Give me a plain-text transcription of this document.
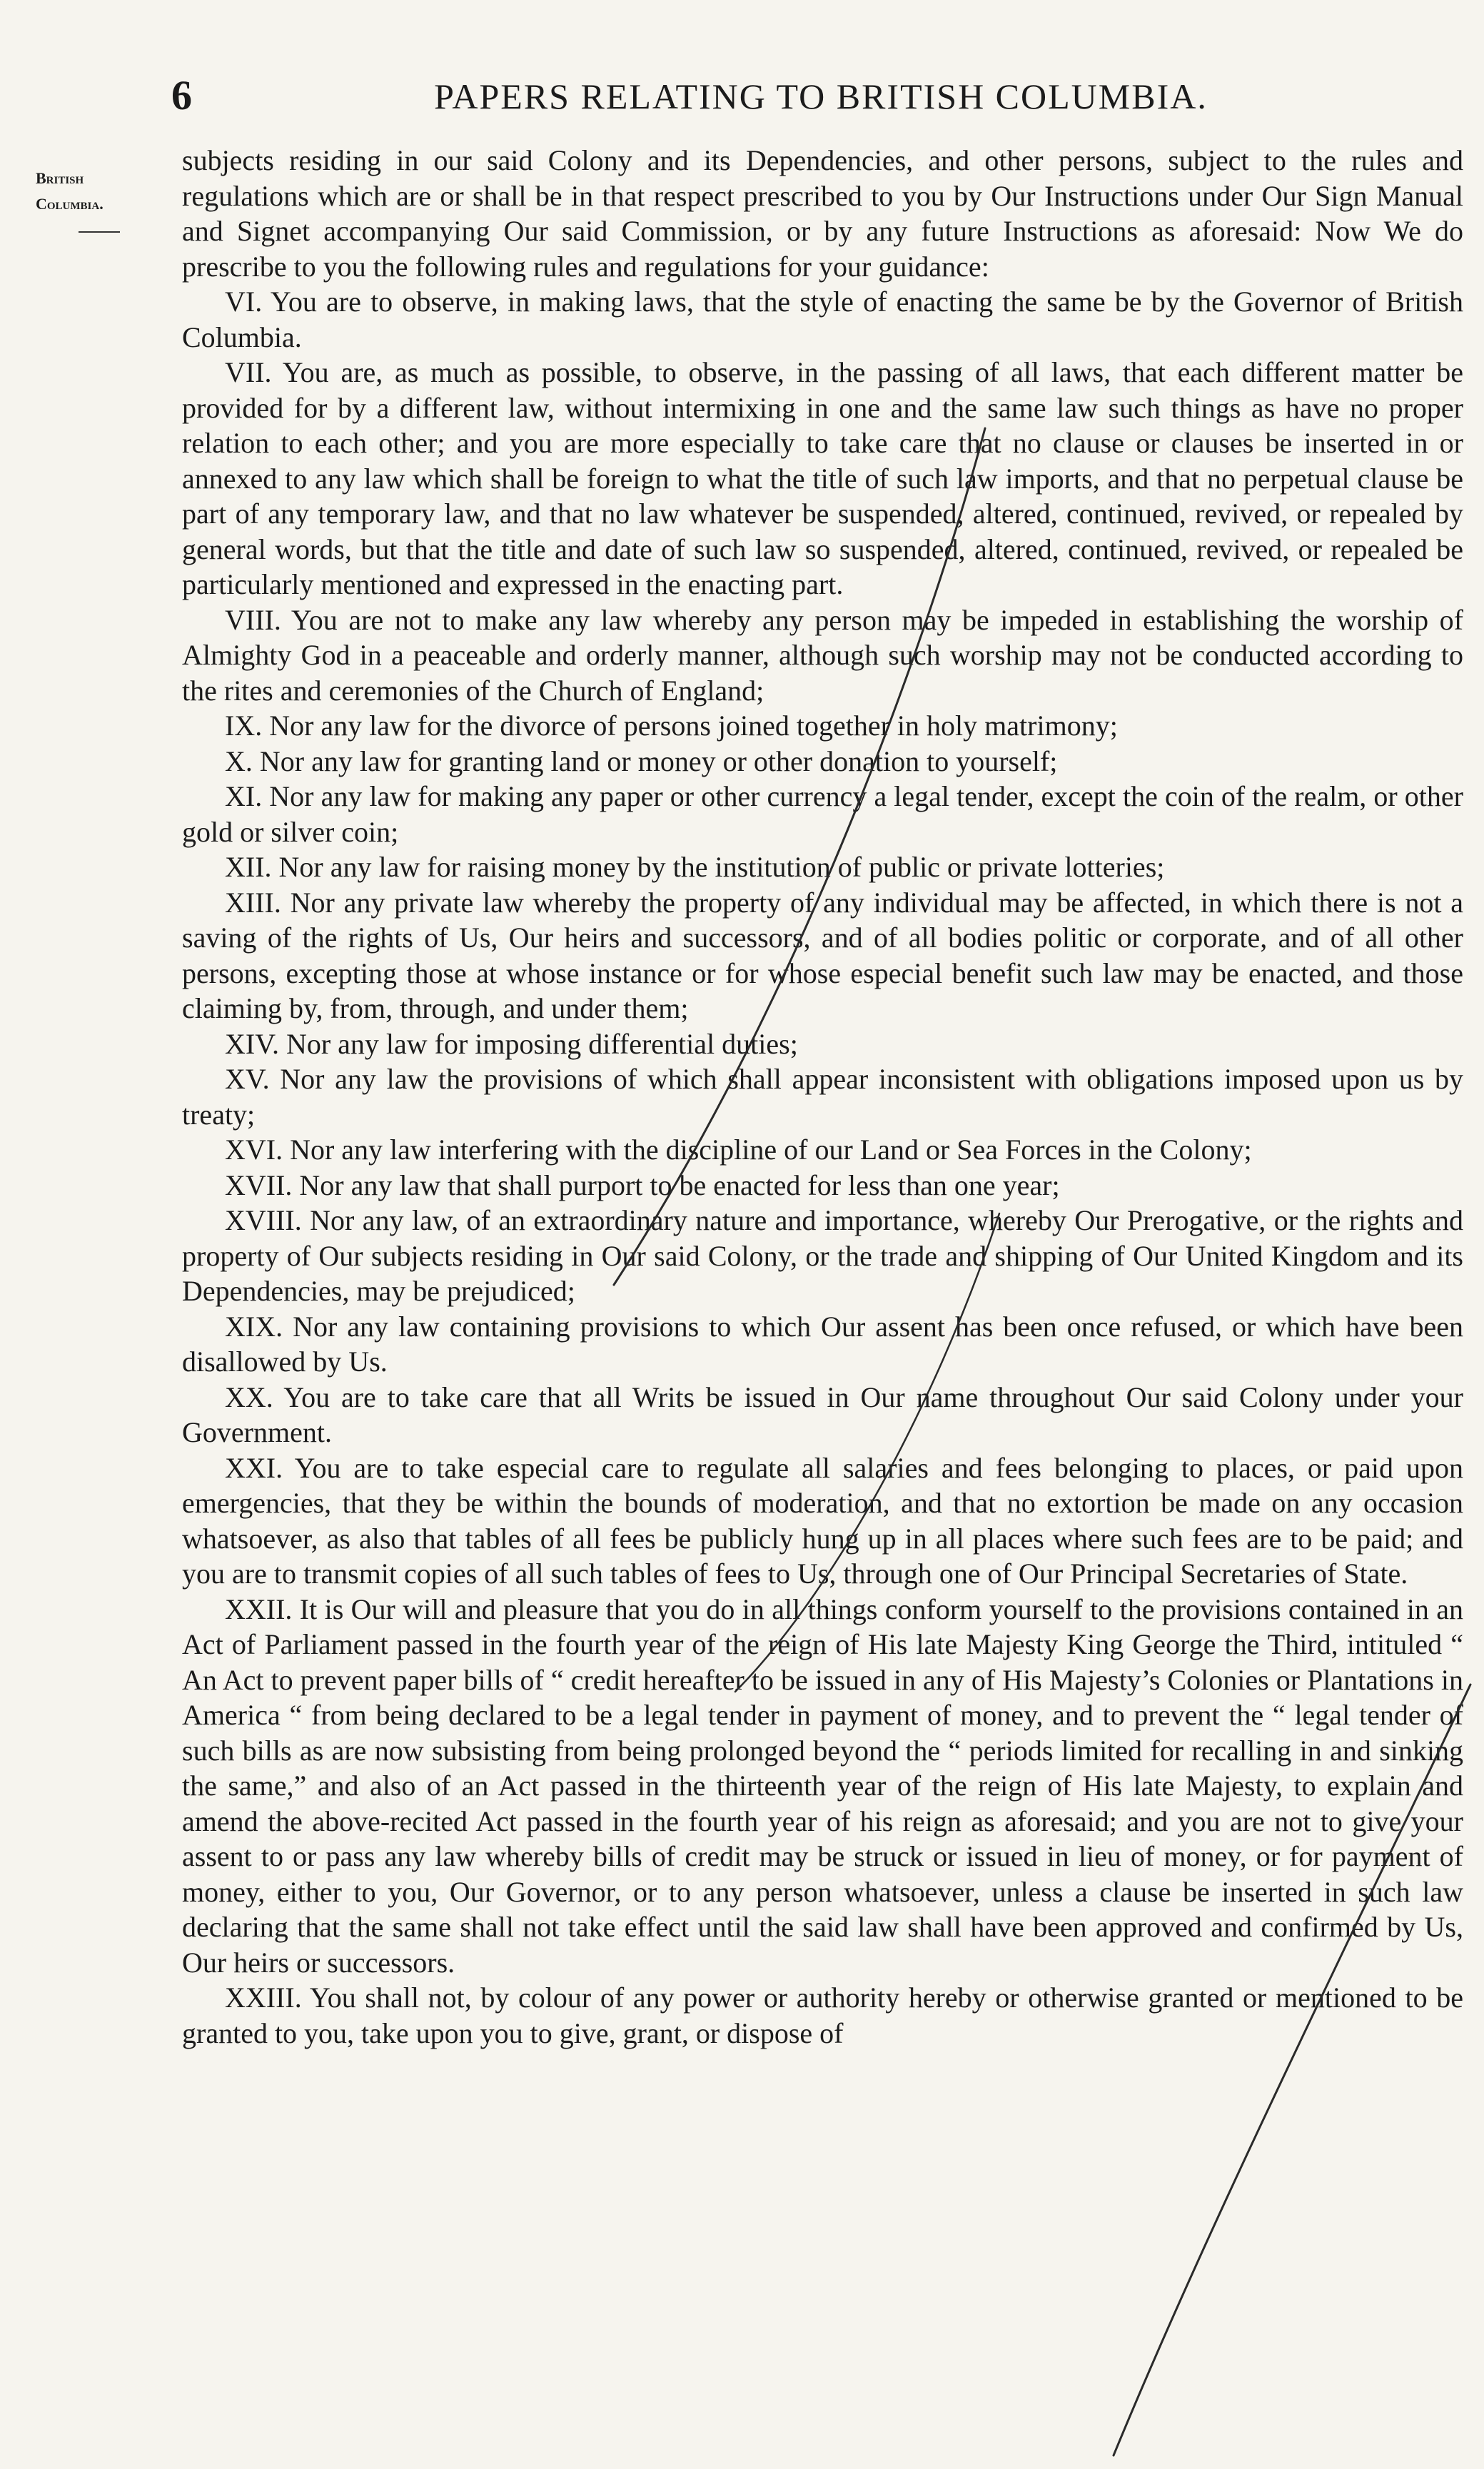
6	PAPERS RELATING TO BRITISH COLUMBIA.
British
Columbia.

subjects residing in our said Colony and its Dependencies, and other persons, subject to the rules and regulations which are or shall be in that respect prescribed to you by Our Instructions under Our Sign Manual and Signet accompanying Our said Commission, or by any future Instructions as aforesaid: Now We do prescribe to you the following rules and regulations for your guidance:

VI. You are to observe, in making laws, that the style of enacting the same be by the Governor of British Columbia.

VII. You are, as much as possible, to observe, in the passing of all laws, that each different matter be provided for by a different law, without intermixing in one and the same law such things as have no proper relation to each other; and you are more especially to take care that no clause or clauses be inserted in or annexed to any law which shall be foreign to what the title of such law imports, and that no perpetual clause be part of any temporary law, and that no law whatever be suspended, altered, continued, revived, or repealed by general words, but that the title and date of such law so suspended, altered, continued, revived, or repealed be particularly mentioned and expressed in the enacting part.

VIII. You are not to make any law whereby any person may be impeded in establishing the worship of Almighty God in a peaceable and orderly manner, although such worship may not be conducted according to the rites and ceremonies of the Church of England;

IX. Nor any law for the divorce of persons joined together in holy matrimony;

X. Nor any law for granting land or money or other donation to yourself;

XI. Nor any law for making any paper or other currency a legal tender, except the coin of the realm, or other gold or silver coin;

XII. Nor any law for raising money by the institution of public or private lotteries;

XIII. Nor any private law whereby the property of any individual may be affected, in which there is not a saving of the rights of Us, Our heirs and successors, and of all bodies politic or corporate, and of all other persons, excepting those at whose instance or for whose especial benefit such law may be enacted, and those claiming by, from, through, and under them;

XIV. Nor any law for imposing differential duties;

XV. Nor any law the provisions of which shall appear inconsistent with obligations imposed upon us by treaty;

XVI. Nor any law interfering with the discipline of our Land or Sea Forces in the Colony;

XVII. Nor any law that shall purport to be enacted for less than one year;

XVIII. Nor any law, of an extraordinary nature and importance, whereby Our Prerogative, or the rights and property of Our subjects residing in Our said Colony, or the trade and shipping of Our United Kingdom and its Dependencies, may be prejudiced;

XIX. Nor any law containing provisions to which Our assent has been once refused, or which have been disallowed by Us.

XX. You are to take care that all Writs be issued in Our name throughout Our said Colony under your Government.

XXI. You are to take especial care to regulate all salaries and fees belonging to places, or paid upon emergencies, that they be within the bounds of moderation, and that no extortion be made on any occasion whatsoever, as also that tables of all fees be publicly hung up in all places where such fees are to be paid; and you are to transmit copies of all such tables of fees to Us, through one of Our Principal Secretaries of State.

XXII. It is Our will and pleasure that you do in all things conform yourself to the provisions contained in an Act of Parliament passed in the fourth year of the reign of His late Majesty King George the Third, intituled “ An Act to prevent paper bills of “ credit hereafter to be issued in any of His Majesty’s Colonies or Plantations in America “ from being declared to be a legal tender in payment of money, and to prevent the “ legal tender of such bills as are now subsisting from being prolonged beyond the “ periods limited for recalling in and sinking the same,” and also of an Act passed in the thirteenth year of the reign of His late Majesty, to explain and amend the above-recited Act passed in the fourth year of his reign as aforesaid; and you are not to give your assent to or pass any law whereby bills of credit may be struck or issued in lieu of money, or for payment of money, either to you, Our Governor, or to any person whatsoever, unless a clause be inserted in such law declaring that the same shall not take effect until the said law shall have been approved and confirmed by Us, Our heirs or successors.

XXIII. You shall not, by colour of any power or authority hereby or otherwise granted or mentioned to be granted to you, take upon you to give, grant, or dispose of
